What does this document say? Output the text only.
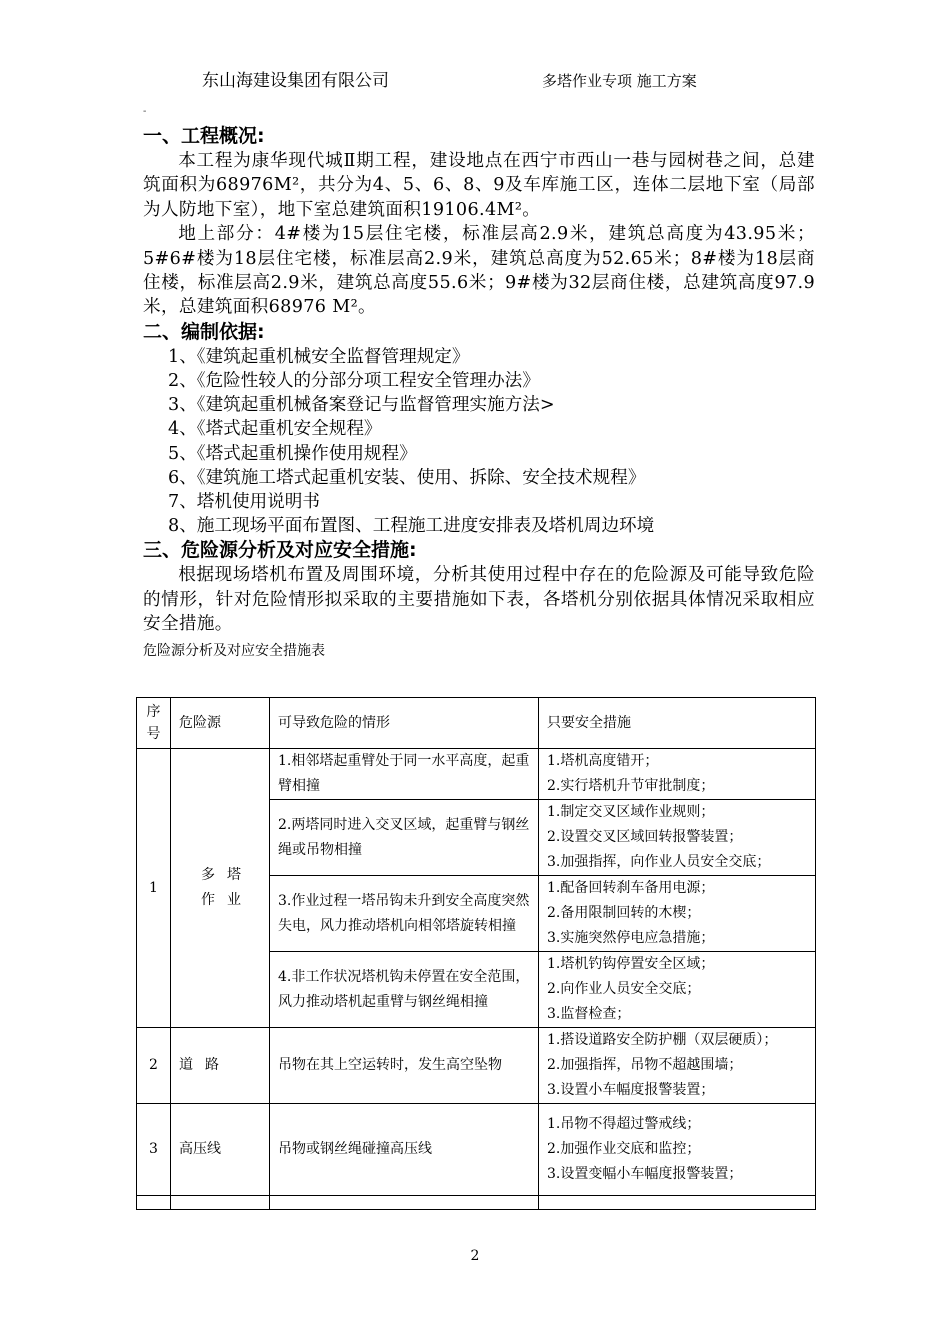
东山海建设集团有限公司	多塔作业专项 施工方案
-
一、工程概况:

本工程为康华现代城Ⅱ期工程，建设地点在西宁市西山一巷与园树巷之间，总建筑面积为68976M²，共分为4、5、6、8、9及车库施工区，连体二层地下室（局部为人防地下室），地下室总建筑面积19106.4M²。

地上部分：4#楼为15层住宅楼，标准层高2.9米，建筑总高度为43.95米；5#6#楼为18层住宅楼，标准层高2.9米，建筑总高度为52.65米；8#楼为18层商住楼，标准层高2.9米，建筑总高度55.6米；9#楼为32层商住楼，总建筑高度97.9米，总建筑面积68976 M²。

二、编制依据:
1、《建筑起重机械安全监督管理规定》
2、《危险性较人的分部分项工程安全管理办法》
3、《建筑起重机械备案登记与监督管理实施方法>
4、《塔式起重机安全规程》
5、《塔式起重机操作使用规程》
6、《建筑施工塔式起重机安装、使用、拆除、安全技术规程》
7、塔机使用说明书
8、施工现场平面布置图、工程施工进度安排表及塔机周边环境
三、危险源分析及对应安全措施:

根据现场塔机布置及周围环境，分析其使用过程中存在的危险源及可能导致危险的情形，针对危险情形拟采取的主要措施如下表，各塔机分别依据具体情况采取相应安全措施。

危险源分析及对应安全措施表
序号	危险源	可导致危险的情形	只要安全措施
1	多塔作业	1.相邻塔起重臂处于同一水平高度，起重臂相撞	1.塔机高度错开；
2.实行塔机升节审批制度；

		2.两塔同时进入交叉区域，起重臂与钢丝绳或吊物相撞	1.制定交叉区域作业规则；
2.设置交叉区域回转报警装置；
3.加强指挥，向作业人员安全交底；

		3.作业过程一塔吊钩未升到安全高度突然失电，风力推动塔机向相邻塔旋转相撞	1.配备回转刹车备用电源；
2.备用限制回转的木楔；
3.实施突然停电应急措施；

		4.非工作状况塔机钩未停置在安全范围，风力推动塔机起重臂与钢丝绳相撞	1.塔机钓钩停置安全区域；
2.向作业人员安全交底；
3.监督检查；

2	道路	吊物在其上空运转时，发生高空坠物	1.搭设道路安全防护棚（双层硬质）；
2.加强指挥，吊物不超越围墙；
3.设置小车幅度报警装置；

3	高压线	吊物或钢丝绳碰撞高压线	1.吊物不得超过警戒线；
2.加强作业交底和监控；
3.设置变幅小车幅度报警装置；

2
